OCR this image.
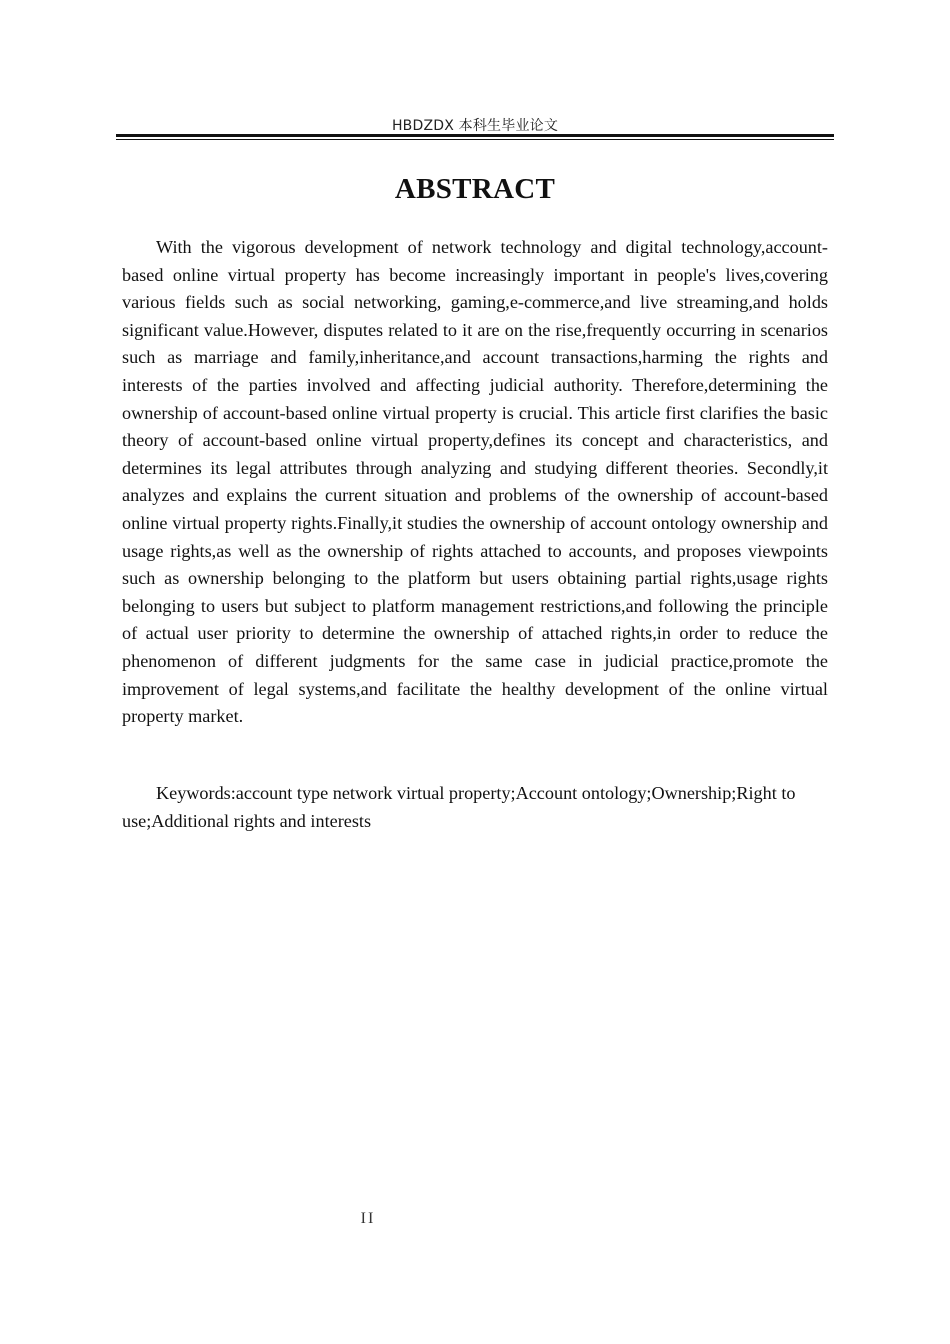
HBDZDX 本科生毕业论文
ABSTRACT

With the vigorous development of network technology and digital technology,account-based online virtual property has become increasingly important in people's lives,covering various fields such as social networking, gaming,e-commerce,and live streaming,and holds significant value.However, disputes related to it are on the rise,frequently occurring in scenarios such as marriage and family,inheritance,and account transactions,harming the rights and interests of the parties involved and affecting judicial authority. Therefore,determining the ownership of account-based online virtual property is crucial. This article first clarifies the basic theory of account-based online virtual property,defines its concept and characteristics, and determines its legal attributes through analyzing and studying different theories. Secondly,it analyzes and explains the current situation and problems of the ownership of account-based online virtual property rights.Finally,it studies the ownership of account ontology ownership and usage rights,as well as the ownership of rights attached to accounts, and proposes viewpoints such as ownership belonging to the platform but users obtaining partial rights,usage rights belonging to users but subject to platform management restrictions,and following the principle of actual user priority to determine the ownership of attached rights,in order to reduce the phenomenon of different judgments for the same case in judicial practice,promote the improvement of legal systems,and facilitate the healthy development of the online virtual property market.

Keywords:account type network virtual property;Account ontology;Ownership;Right to use;Additional rights and interests

II
